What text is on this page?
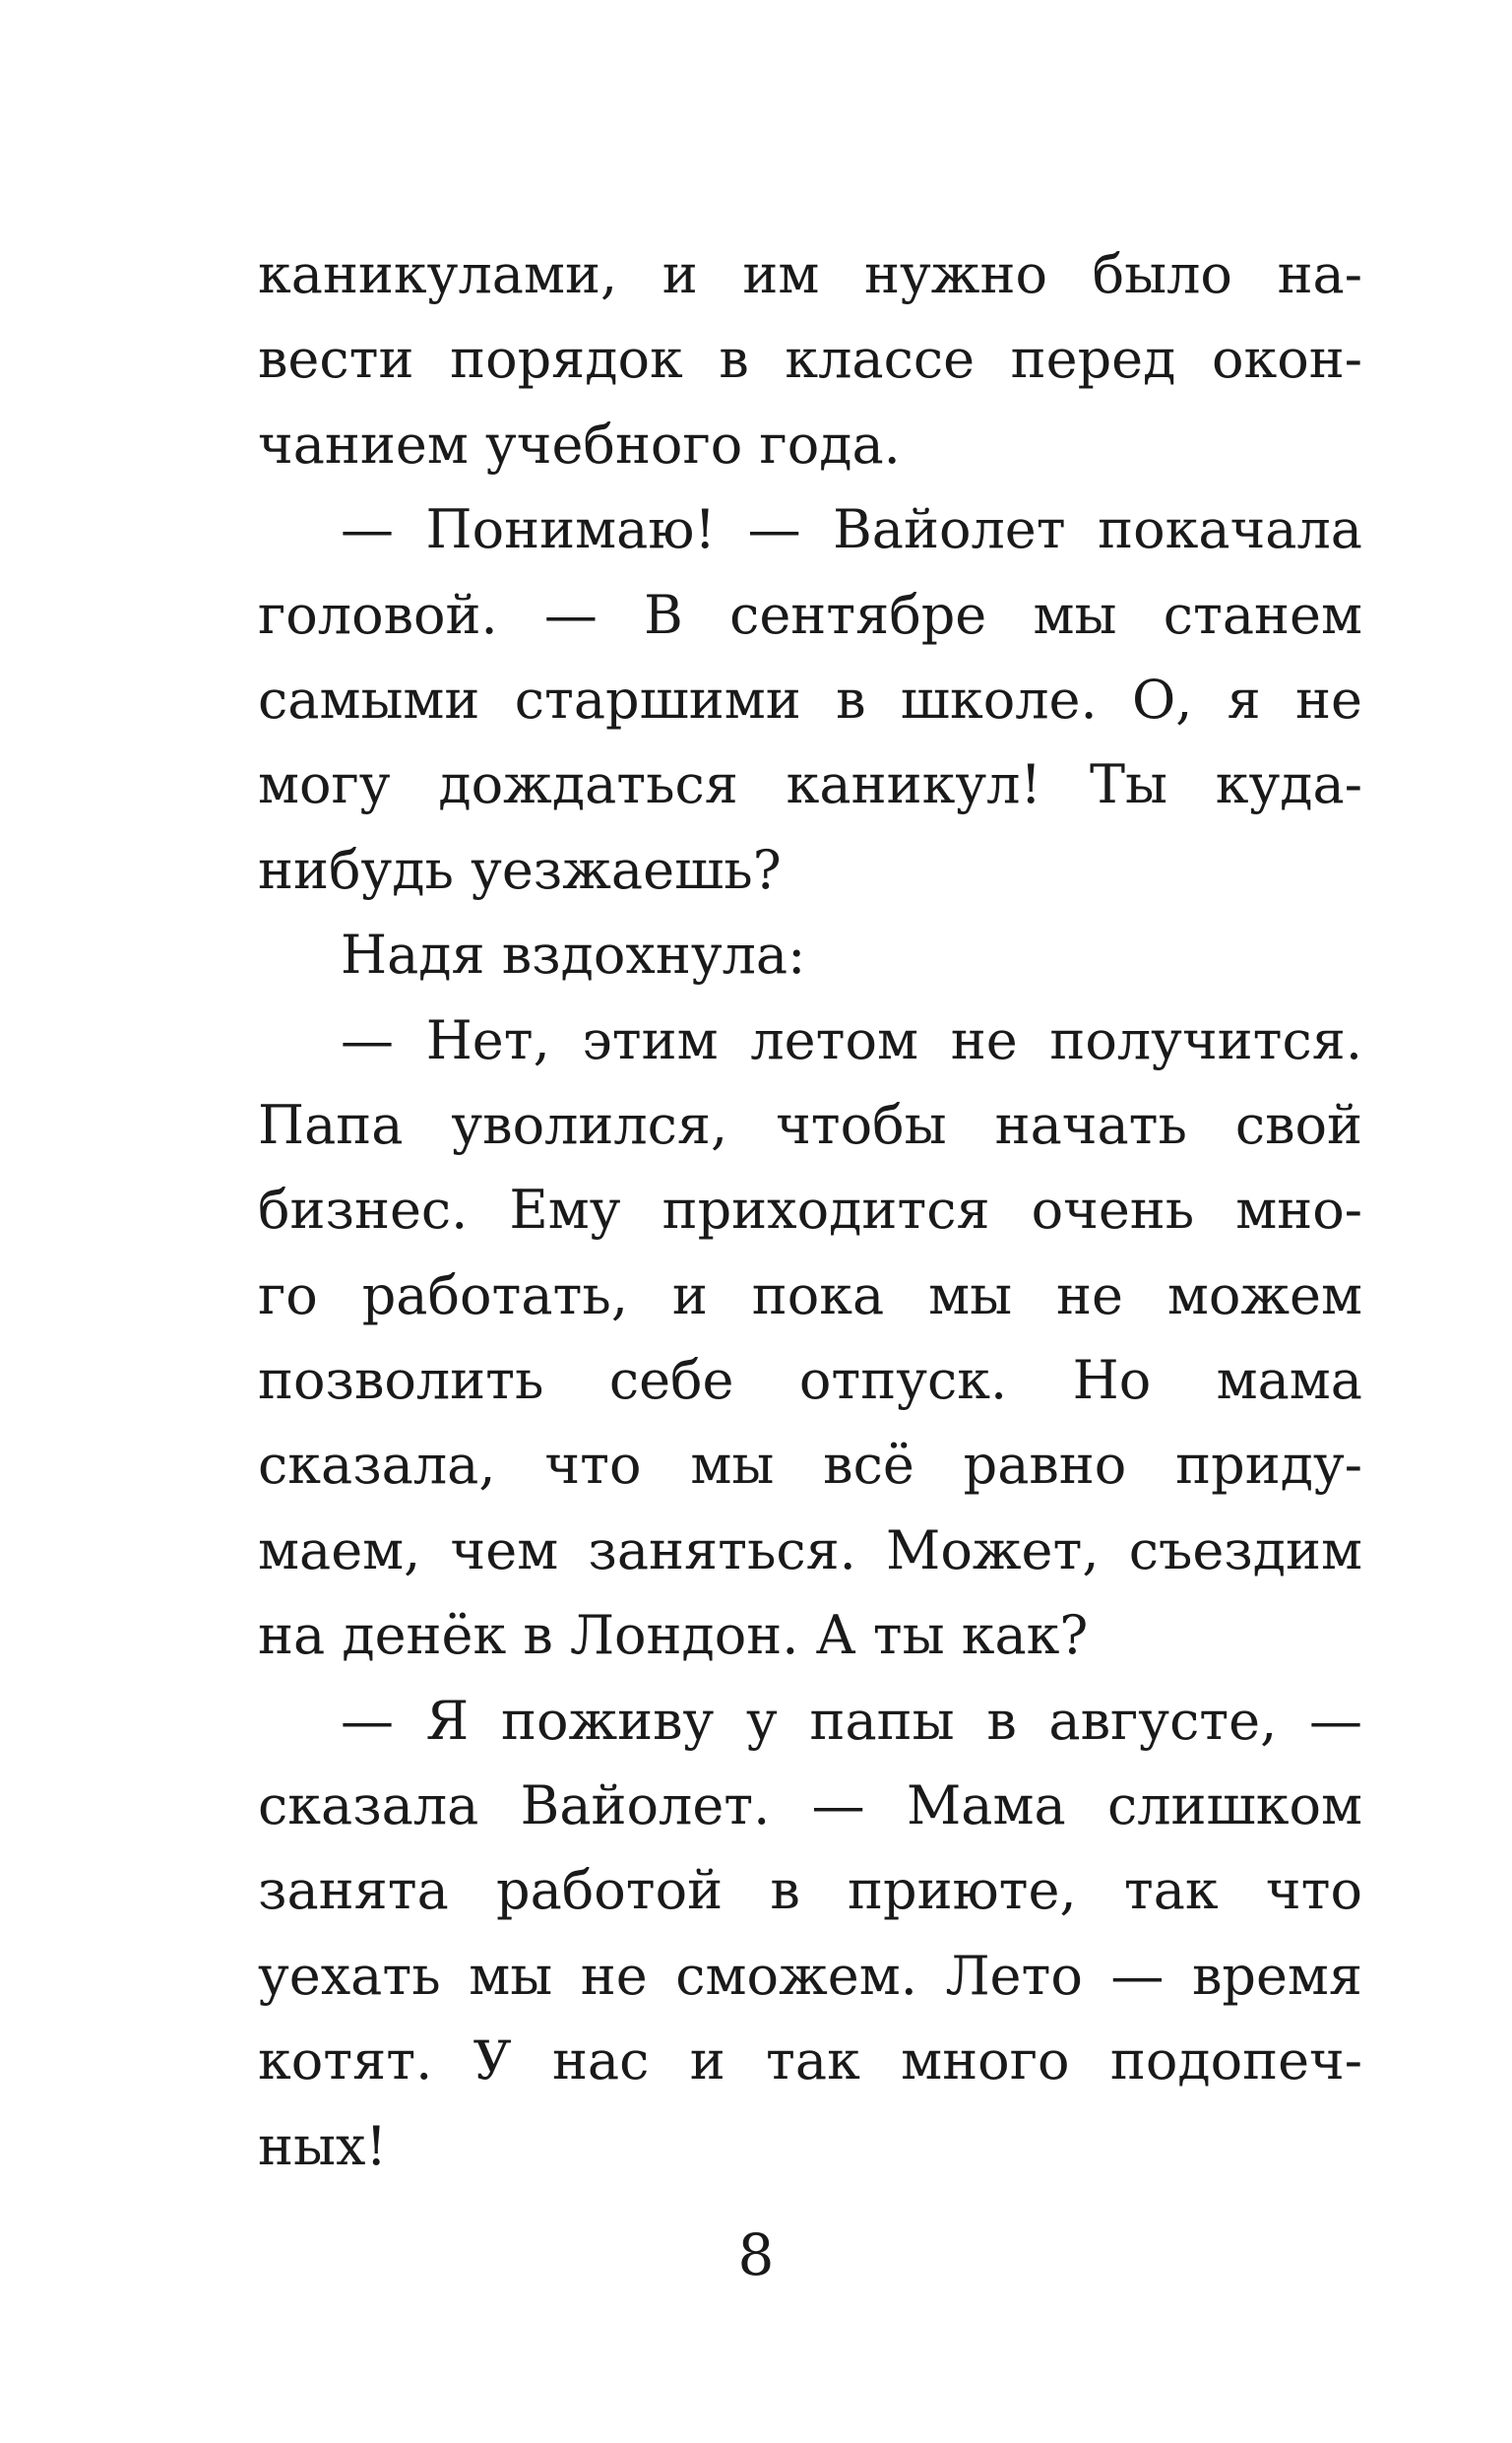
каникулами, и им нужно было на-
вести порядок в классе перед окон-
чанием учебного года.
— Понимаю! — Вайолет покачала
головой. — В сентябре мы станем
самыми старшими в школе. О, я не
могу дождаться каникул! Ты куда-
нибудь уезжаешь?
Надя вздохнула:
— Нет, этим летом не получится.
Папа уволился, чтобы начать свой
бизнес. Ему приходится очень мно-
го работать, и пока мы не можем
позволить себе отпуск. Но мама
сказала, что мы всё равно приду-
маем, чем заняться. Может, съездим
на денёк в Лондон. А ты как?
— Я поживу у папы в августе, —
сказала Вайолет. — Мама слишком
занята работой в приюте, так что
уехать мы не сможем. Лето — время
котят. У нас и так много подопеч-
ных!
8
